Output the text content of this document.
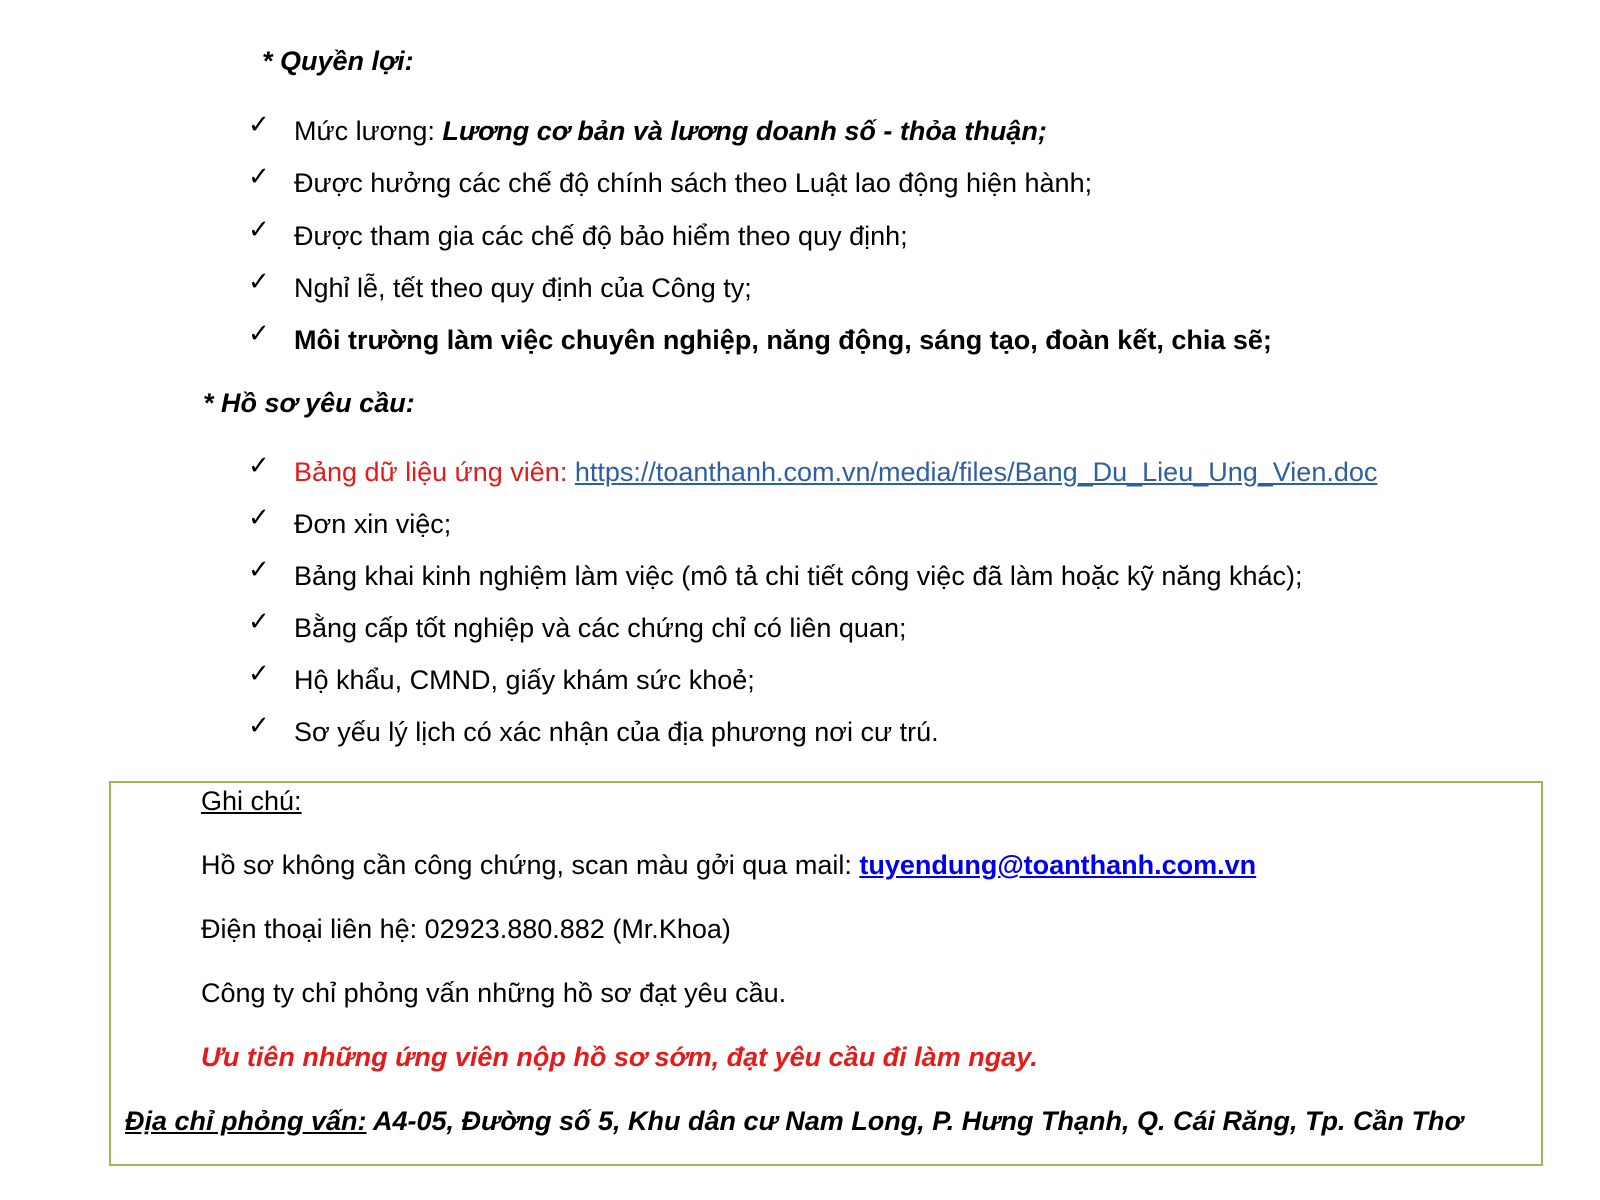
* Quyền lợi:
✓ Mức lương: Lương cơ bản và lương doanh số - thỏa thuận;
✓ Được hưởng các chế độ chính sách theo Luật lao động hiện hành;
✓ Được tham gia các chế độ bảo hiểm theo quy định;
✓ Nghỉ lễ, tết theo quy định của Công ty;
✓ Môi trường làm việc chuyên nghiệp, năng động, sáng tạo, đoàn kết, chia sẽ;
* Hồ sơ yêu cầu:
✓ Bảng dữ liệu ứng viên: https://toanthanh.com.vn/media/files/Bang_Du_Lieu_Ung_Vien.doc
✓ Đơn xin việc;
✓ Bảng khai kinh nghiệm làm việc (mô tả chi tiết công việc đã làm hoặc kỹ năng khác);
✓ Bằng cấp tốt nghiệp và các chứng chỉ có liên quan;
✓ Hộ khẩu, CMND, giấy khám sức khoẻ;
✓ Sơ yếu lý lịch có xác nhận của địa phương nơi cư trú.
Ghi chú:
Hồ sơ không cần công chứng, scan màu gởi qua mail: tuyendung@toanthanh.com.vn
Điện thoại liên hệ: 02923.880.882 (Mr.Khoa)
Công ty chỉ phỏng vấn những hồ sơ đạt yêu cầu.
Ưu tiên những ứng viên nộp hồ sơ sớm, đạt yêu cầu đi làm ngay.
Địa chỉ phỏng vấn: A4-05, Đường số 5, Khu dân cư Nam Long, P. Hưng Thạnh, Q. Cái Răng, Tp. Cần Thơ
